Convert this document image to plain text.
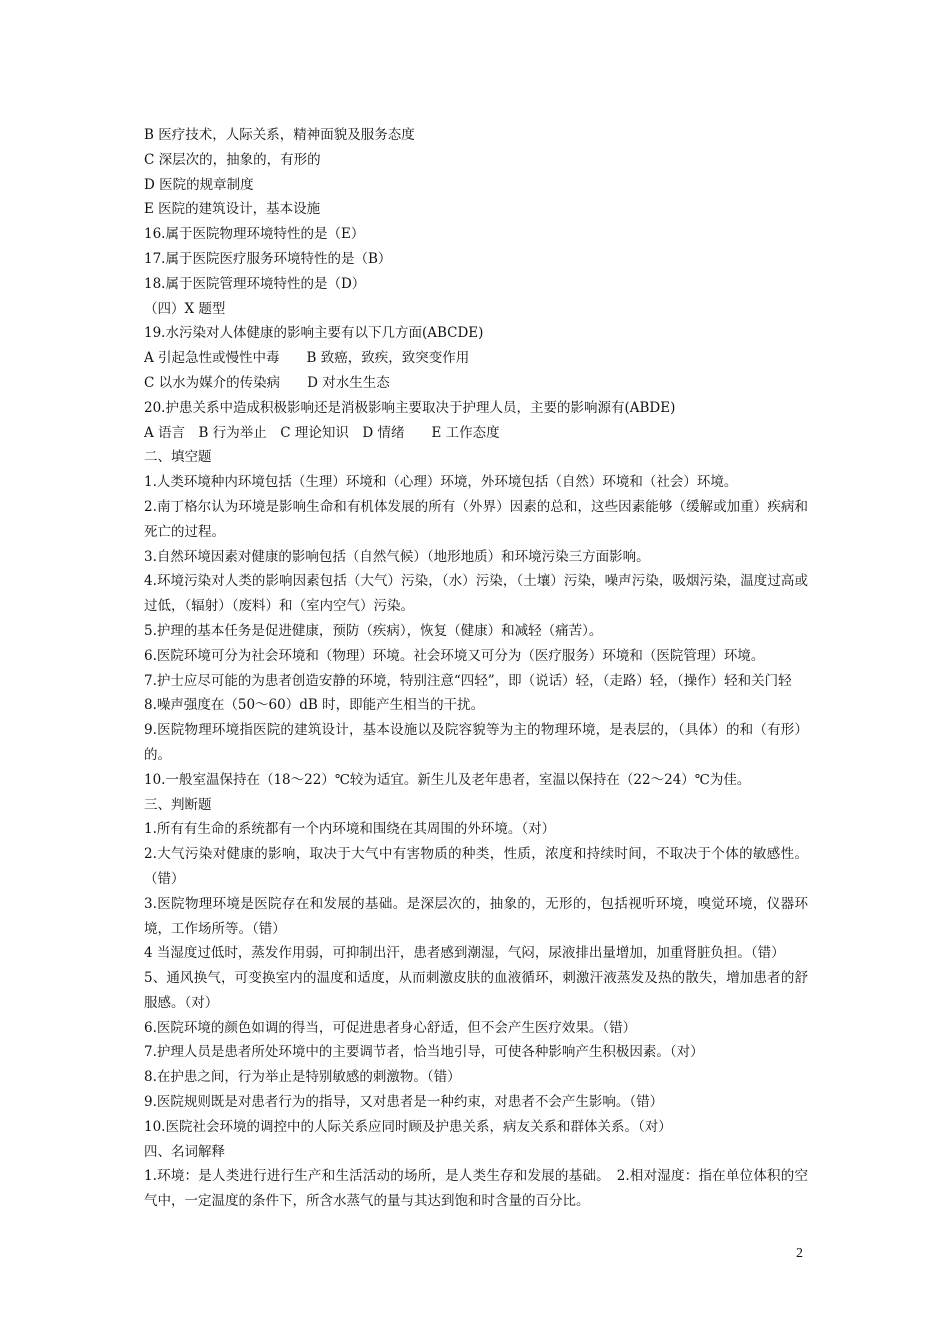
B 医疗技术，人际关系，精神面貌及服务态度
C 深层次的，抽象的，有形的
D 医院的规章制度
E 医院的建筑设计，基本设施
16.属于医院物理环境特性的是（E）
17.属于医院医疗服务环境特性的是（B）
18.属于医院管理环境特性的是（D）
（四）X 题型
19.水污染对人体健康的影响主要有以下几方面(ABCDE)
A 引起急性或慢性中毒　　B 致癌，致疾，致突变作用
C 以水为媒介的传染病　　D 对水生生态
20.护患关系中造成积极影响还是消极影响主要取决于护理人员，主要的影响源有(ABDE)
A 语言　B 行为举止　C 理论知识　D 情绪　　E 工作态度
二、填空题
1.人类环境种内环境包括（生理）环境和（心理）环境，外环境包括（自然）环境和（社会）环境。
2.南丁格尔认为环境是影响生命和有机体发展的所有（外界）因素的总和，这些因素能够（缓解或加重）疾病和死亡的过程。
3.自然环境因素对健康的影响包括（自然气候）（地形地质）和环境污染三方面影响。
4.环境污染对人类的影响因素包括（大气）污染，（水）污染，（土壤）污染，噪声污染，吸烟污染，温度过高或过低，（辐射）（废料）和（室内空气）污染。
5.护理的基本任务是促进健康，预防（疾病），恢复（健康）和减轻（痛苦）。
6.医院环境可分为社会环境和（物理）环境。社会环境又可分为（医疗服务）环境和（医院管理）环境。
7.护士应尽可能的为患者创造安静的环境，特别注意“四轻”，即（说话）轻，（走路）轻，（操作）轻和关门轻
8.噪声强度在（50～60）dB 时，即能产生相当的干扰。
9.医院物理环境指医院的建筑设计，基本设施以及院容貌等为主的物理环境，是表层的，（具体）的和（有形）的。
10.一般室温保持在（18～22）℃较为适宜。新生儿及老年患者，室温以保持在（22～24）℃为佳。
三、判断题
1.所有有生命的系统都有一个内环境和围绕在其周围的外环境。（对）
2.大气污染对健康的影响，取决于大气中有害物质的种类，性质，浓度和持续时间，不取决于个体的敏感性。（错）
3.医院物理环境是医院存在和发展的基础。是深层次的，抽象的，无形的，包括视听环境，嗅觉环境，仪器环境，工作场所等。（错）
4 当湿度过低时，蒸发作用弱，可抑制出汗，患者感到潮湿，气闷，尿液排出量增加，加重肾脏负担。（错）
5、通风换气，可变换室内的温度和适度，从而刺激皮肤的血液循环，刺激汗液蒸发及热的散失，增加患者的舒服感。（对）
6.医院环境的颜色如调的得当，可促进患者身心舒适，但不会产生医疗效果。（错）
7.护理人员是患者所处环境中的主要调节者，恰当地引导，可使各种影响产生积极因素。（对）
8.在护患之间，行为举止是特别敏感的刺激物。（错）
9.医院规则既是对患者行为的指导，又对患者是一种约束，对患者不会产生影响。（错）
10.医院社会环境的调控中的人际关系应同时顾及护患关系，病友关系和群体关系。（对）
四、名词解释
1.环境：是人类进行进行生产和生活活动的场所，是人类生存和发展的基础。　2.相对湿度：指在单位体积的空气中，一定温度的条件下，所含水蒸气的量与其达到饱和时含量的百分比。
2
